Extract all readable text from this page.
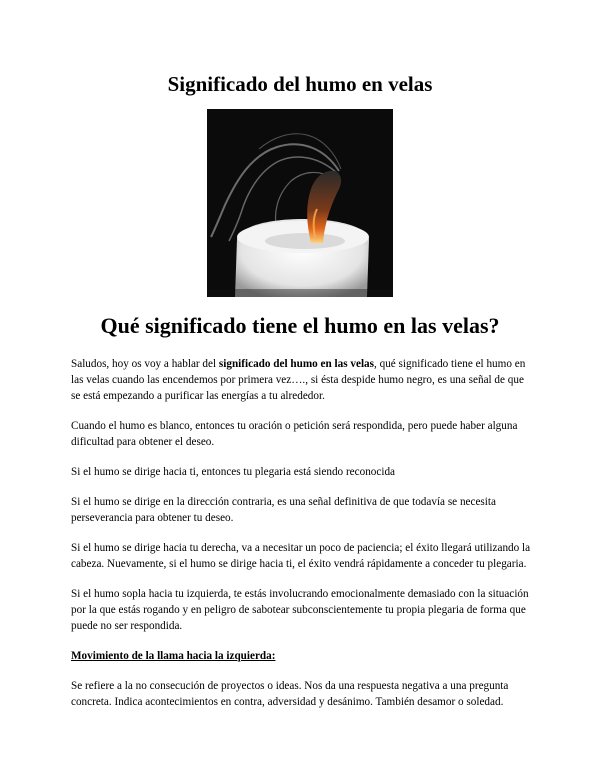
Significado del humo en velas
Qué significado tiene el humo en las velas?

Saludos, hoy os voy a hablar del significado del humo en las velas, qué significado tiene el humo en las velas cuando las encendemos por primera vez…., si ésta despide humo negro, es una señal de que se está empezando a purificar las energías a tu alrededor.

Cuando el humo es blanco, entonces tu oración o petición será respondida, pero puede haber alguna dificultad para obtener el deseo.

Si el humo se dirige hacia ti, entonces tu plegaria está siendo reconocida

Si el humo se dirige en la dirección contraria, es una señal definitiva de que todavía se necesita perseverancia para obtener tu deseo.

Si el humo se dirige hacia tu derecha, va a necesitar un poco de paciencia; el éxito llegará utilizando la cabeza. Nuevamente, si el humo se dirige hacia ti, el éxito vendrá rápidamente a conceder tu plegaria.

Si el humo sopla hacia tu izquierda, te estás involucrando emocionalmente demasiado con la situación por la que estás rogando y en peligro de sabotear subconscientemente tu propia plegaria de forma que puede no ser respondida.

Movimiento de la llama hacia la izquierda:

Se refiere a la no consecución de proyectos o ideas. Nos da una respuesta negativa a una pregunta concreta. Indica acontecimientos en contra, adversidad y desánimo. También desamor o soledad.
